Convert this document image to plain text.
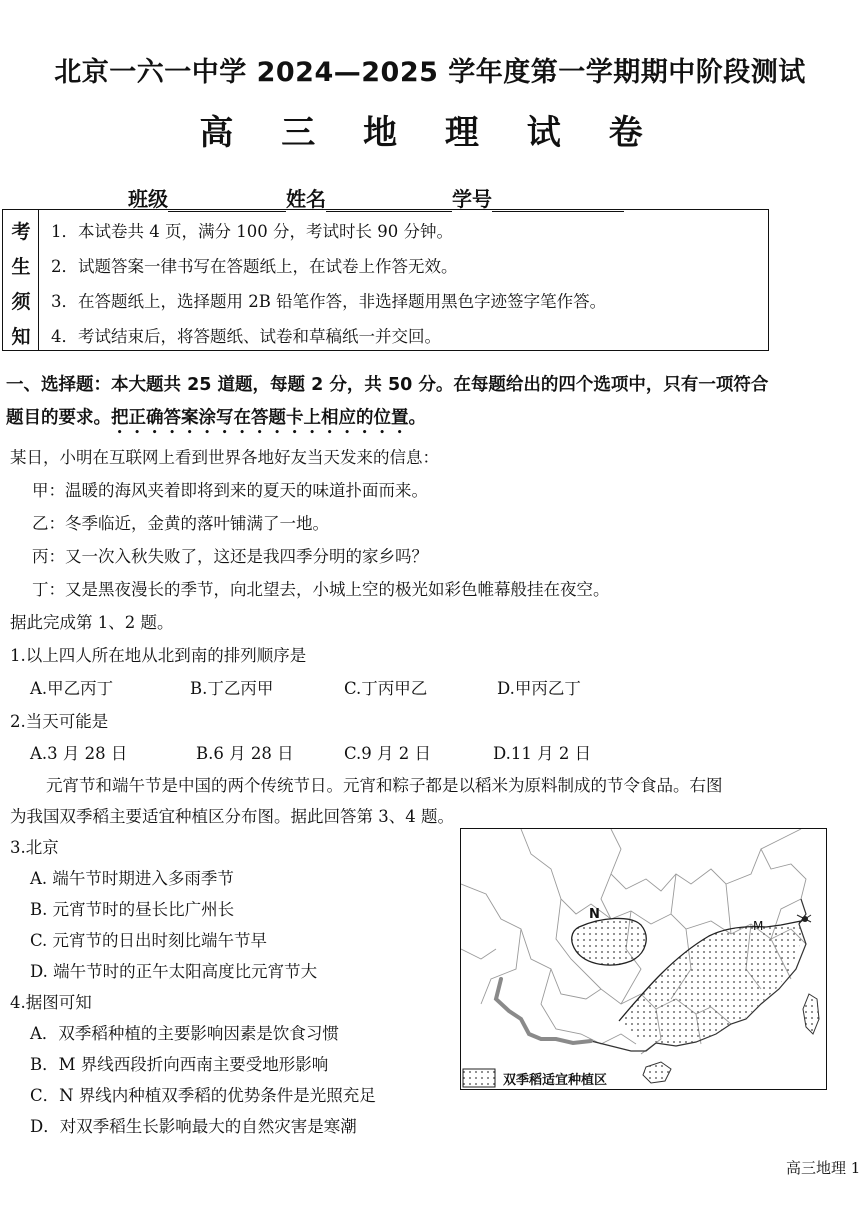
北京一六一中学 2024—2025 学年度第一学期期中阶段测试
高 三 地 理 试 卷
班级	姓名	学号
考
生
须
知
1．本试卷共 4 页，满分 100 分，考试时长 90 分钟。
2．试题答案一律书写在答题纸上，在试卷上作答无效。
3．在答题纸上，选择题用 2B 铅笔作答，非选择题用黑色字迹签字笔作答。
4．考试结束后，将答题纸、试卷和草稿纸一并交回。
一、选择题：本大题共 25 道题，每题 2 分，共 50 分。在每题给出的四个选项中，只有一项符合
题目的要求。把正确答案涂写在答题卡上相应的位置。
某日，小明在互联网上看到世界各地好友当天发来的信息：
甲：温暖的海风夹着即将到来的夏天的味道扑面而来。
乙：冬季临近，金黄的落叶铺满了一地。
丙：又一次入秋失败了，这还是我四季分明的家乡吗？
丁：又是黑夜漫长的季节，向北望去，小城上空的极光如彩色帷幕般挂在夜空。
据此完成第 1、2 题。
1.以上四人所在地从北到南的排列顺序是
A.甲乙丙丁	B.丁乙丙甲	C.丁丙甲乙	D.甲丙乙丁
2.当天可能是
A.3 月 28 日	B.6 月 28 日	C.9 月 2 日	D.11 月 2 日
元宵节和端午节是中国的两个传统节日。元宵和粽子都是以稻米为原料制成的节令食品。右图
为我国双季稻主要适宜种植区分布图。据此回答第 3、4 题。
3.北京
A. 端午节时期进入多雨季节
B. 元宵节时的昼长比广州长
C. 元宵节的日出时刻比端午节早
D. 端午节时的正午太阳高度比元宵节大
4.据图可知
A．双季稻种植的主要影响因素是饮食习惯
B．M 界线西段折向西南主要受地形影响
C．N 界线内种植双季稻的优势条件是光照充足
D．对双季稻生长影响最大的自然灾害是寒潮
N
M
双季稻适宜种植区
高三地理 1
